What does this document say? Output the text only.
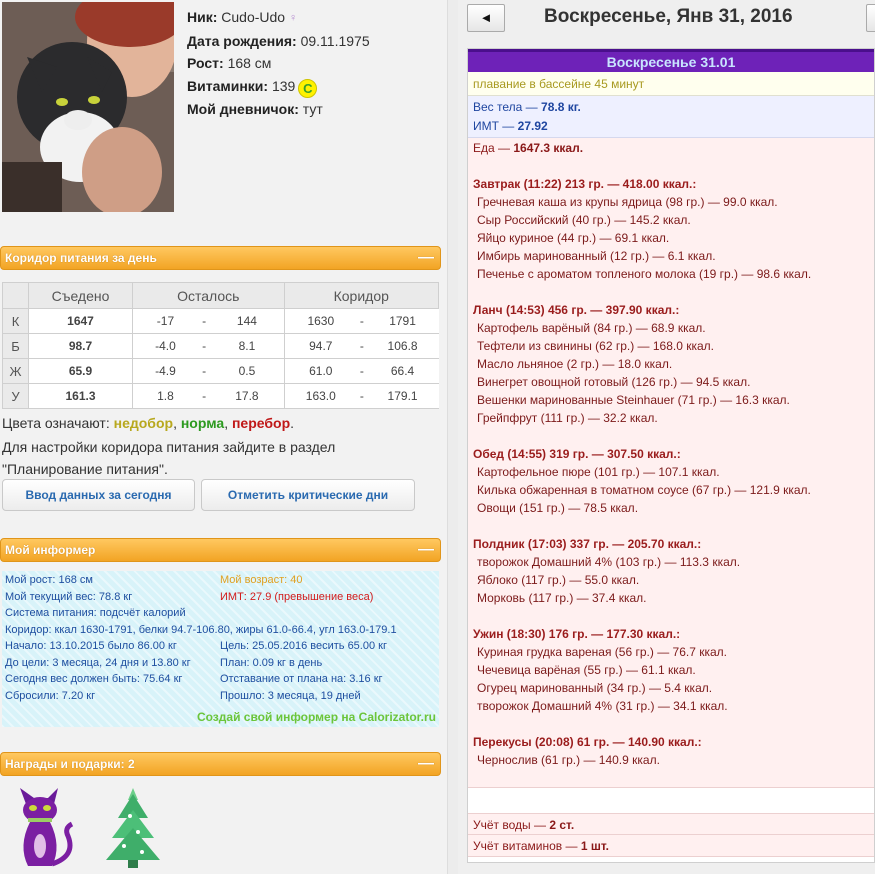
Ник: Cudo-Udo ♀
Дата рождения: 09.11.1975
Рост: 168 см
Витаминки: 139 C
Мой дневничок: тут
Коридор питания за день	—
	Съедено	Осталось			Коридор		
К	1647	-17	-	144	1630	-	1791
Б	98.7	-4.0	-	8.1	94.7	-	106.8
Ж	65.9	-4.9	-	0.5	61.0	-	66.4
У	161.3	1.8	-	17.8	163.0	-	179.1
Цвета означают: недобор, норма, перебор.
Для настройки коридора питания зайдите в раздел
"Планирование питания".
Ввод данных за сегодня	Отметить критические дни
Мой информер	—
Мой рост: 168 см
Мой текущий вес: 78.8 кг
Система питания: подсчёт калорий
Коридор: ккал 1630-1791, белки 94.7-106.80, жиры 61.0-66.4, угл 163.0-179.1
Начало: 13.10.2015 было 86.00 кг
До цели: 3 месяца, 24 дня и 13.80 кг
Сегодня вес должен быть: 75.64 кг
Сбросили: 7.20 кг
Мой возраст: 40
ИМТ: 27.9 (превышение веса)
Цель: 25.05.2016 весить 65.00 кг
План: 0.09 кг в день
Отставание от плана на: 3.16 кг
Прошло: 3 месяца, 19 дней
Создай свой информер на Calorizator.ru
Награды и подарки: 2	—
◄	Воскресенье, Янв 31, 2016
Воскресенье 31.01
плавание в бассейне 45 минут
Вес тела — 78.8 кг.
ИМТ — 27.92
Еда — 1647.3 ккал.
Завтрак (11:22) 213 гр. — 418.00 ккал.:
Гречневая каша из крупы ядрица (98 гр.) — 99.0 ккал.
Сыр Российский (40 гр.) — 145.2 ккал.
Яйцо куриное (44 гр.) — 69.1 ккал.
Имбирь маринованный (12 гр.) — 6.1 ккал.
Печенье с ароматом топленого молока (19 гр.) — 98.6 ккал.
Ланч (14:53) 456 гр. — 397.90 ккал.:
Картофель варёный (84 гр.) — 68.9 ккал.
Тефтели из свинины (62 гр.) — 168.0 ккал.
Масло льняное (2 гр.) — 18.0 ккал.
Винегрет овощной готовый (126 гр.) — 94.5 ккал.
Вешенки маринованные Steinhauer (71 гр.) — 16.3 ккал.
Грейпфрут (111 гр.) — 32.2 ккал.
Обед (14:55) 319 гр. — 307.50 ккал.:
Картофельное пюре (101 гр.) — 107.1 ккал.
Килька обжаренная в томатном соусе (67 гр.) — 121.9 ккал.
Овощи (151 гр.) — 78.5 ккал.
Полдник (17:03) 337 гр. — 205.70 ккал.:
творожок Домашний 4% (103 гр.) — 113.3 ккал.
Яблоко (117 гр.) — 55.0 ккал.
Морковь (117 гр.) — 37.4 ккал.
Ужин (18:30) 176 гр. — 177.30 ккал.:
Куриная грудка вареная (56 гр.) — 76.7 ккал.
Чечевица варёная (55 гр.) — 61.1 ккал.
Огурец маринованный (34 гр.) — 5.4 ккал.
творожок Домашний 4% (31 гр.) — 34.1 ккал.
Перекусы (20:08) 61 гр. — 140.90 ккал.:
Чернослив (61 гр.) — 140.9 ккал.
Учёт воды — 2 ст.
Учёт витаминов — 1 шт.
